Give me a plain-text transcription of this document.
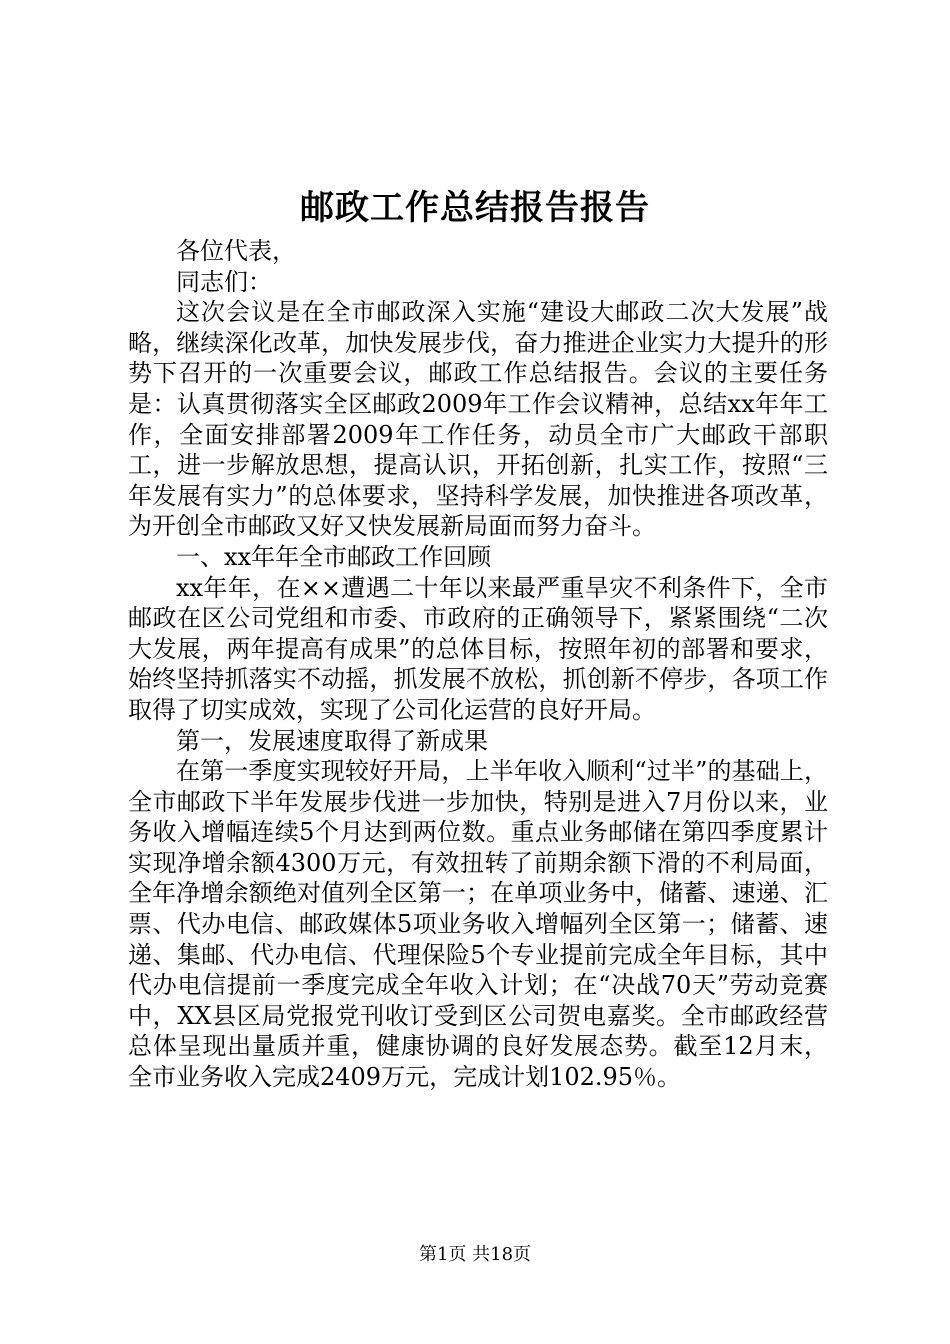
邮政工作总结报告报告

各位代表，

同志们：

这次会议是在全市邮政深入实施“建设大邮政二次大发展”战略，继续深化改革，加快发展步伐，奋力推进企业实力大提升的形势下召开的一次重要会议，邮政工作总结报告。会议的主要任务是：认真贯彻落实全区邮政2009年工作会议精神，总结xx年年工作，全面安排部署2009年工作任务，动员全市广大邮政干部职工，进一步解放思想，提高认识，开拓创新，扎实工作，按照“三年发展有实力”的总体要求，坚持科学发展，加快推进各项改革，为开创全市邮政又好又快发展新局面而努力奋斗。

一、xx年年全市邮政工作回顾

xx年年，在××遭遇二十年以来最严重旱灾不利条件下，全市邮政在区公司党组和市委、市政府的正确领导下，紧紧围绕“二次大发展，两年提高有成果”的总体目标，按照年初的部署和要求，始终坚持抓落实不动摇，抓发展不放松，抓创新不停步，各项工作取得了切实成效，实现了公司化运营的良好开局。

第一，发展速度取得了新成果

在第一季度实现较好开局，上半年收入顺利“过半”的基础上，全市邮政下半年发展步伐进一步加快，特别是进入7月份以来，业务收入增幅连续5个月达到两位数。重点业务邮储在第四季度累计实现净增余额4300万元，有效扭转了前期余额下滑的不利局面，全年净增余额绝对值列全区第一；在单项业务中，储蓄、速递、汇票、代办电信、邮政媒体5项业务收入增幅列全区第一；储蓄、速递、集邮、代办电信、代理保险5个专业提前完成全年目标，其中代办电信提前一季度完成全年收入计划；在“决战70天”劳动竞赛中，XX县区局党报党刊收订受到区公司贺电嘉奖。全市邮政经营总体呈现出量质并重，健康协调的良好发展态势。截至12月末，全市业务收入完成2409万元，完成计划102.95％。

第1页 共18页
